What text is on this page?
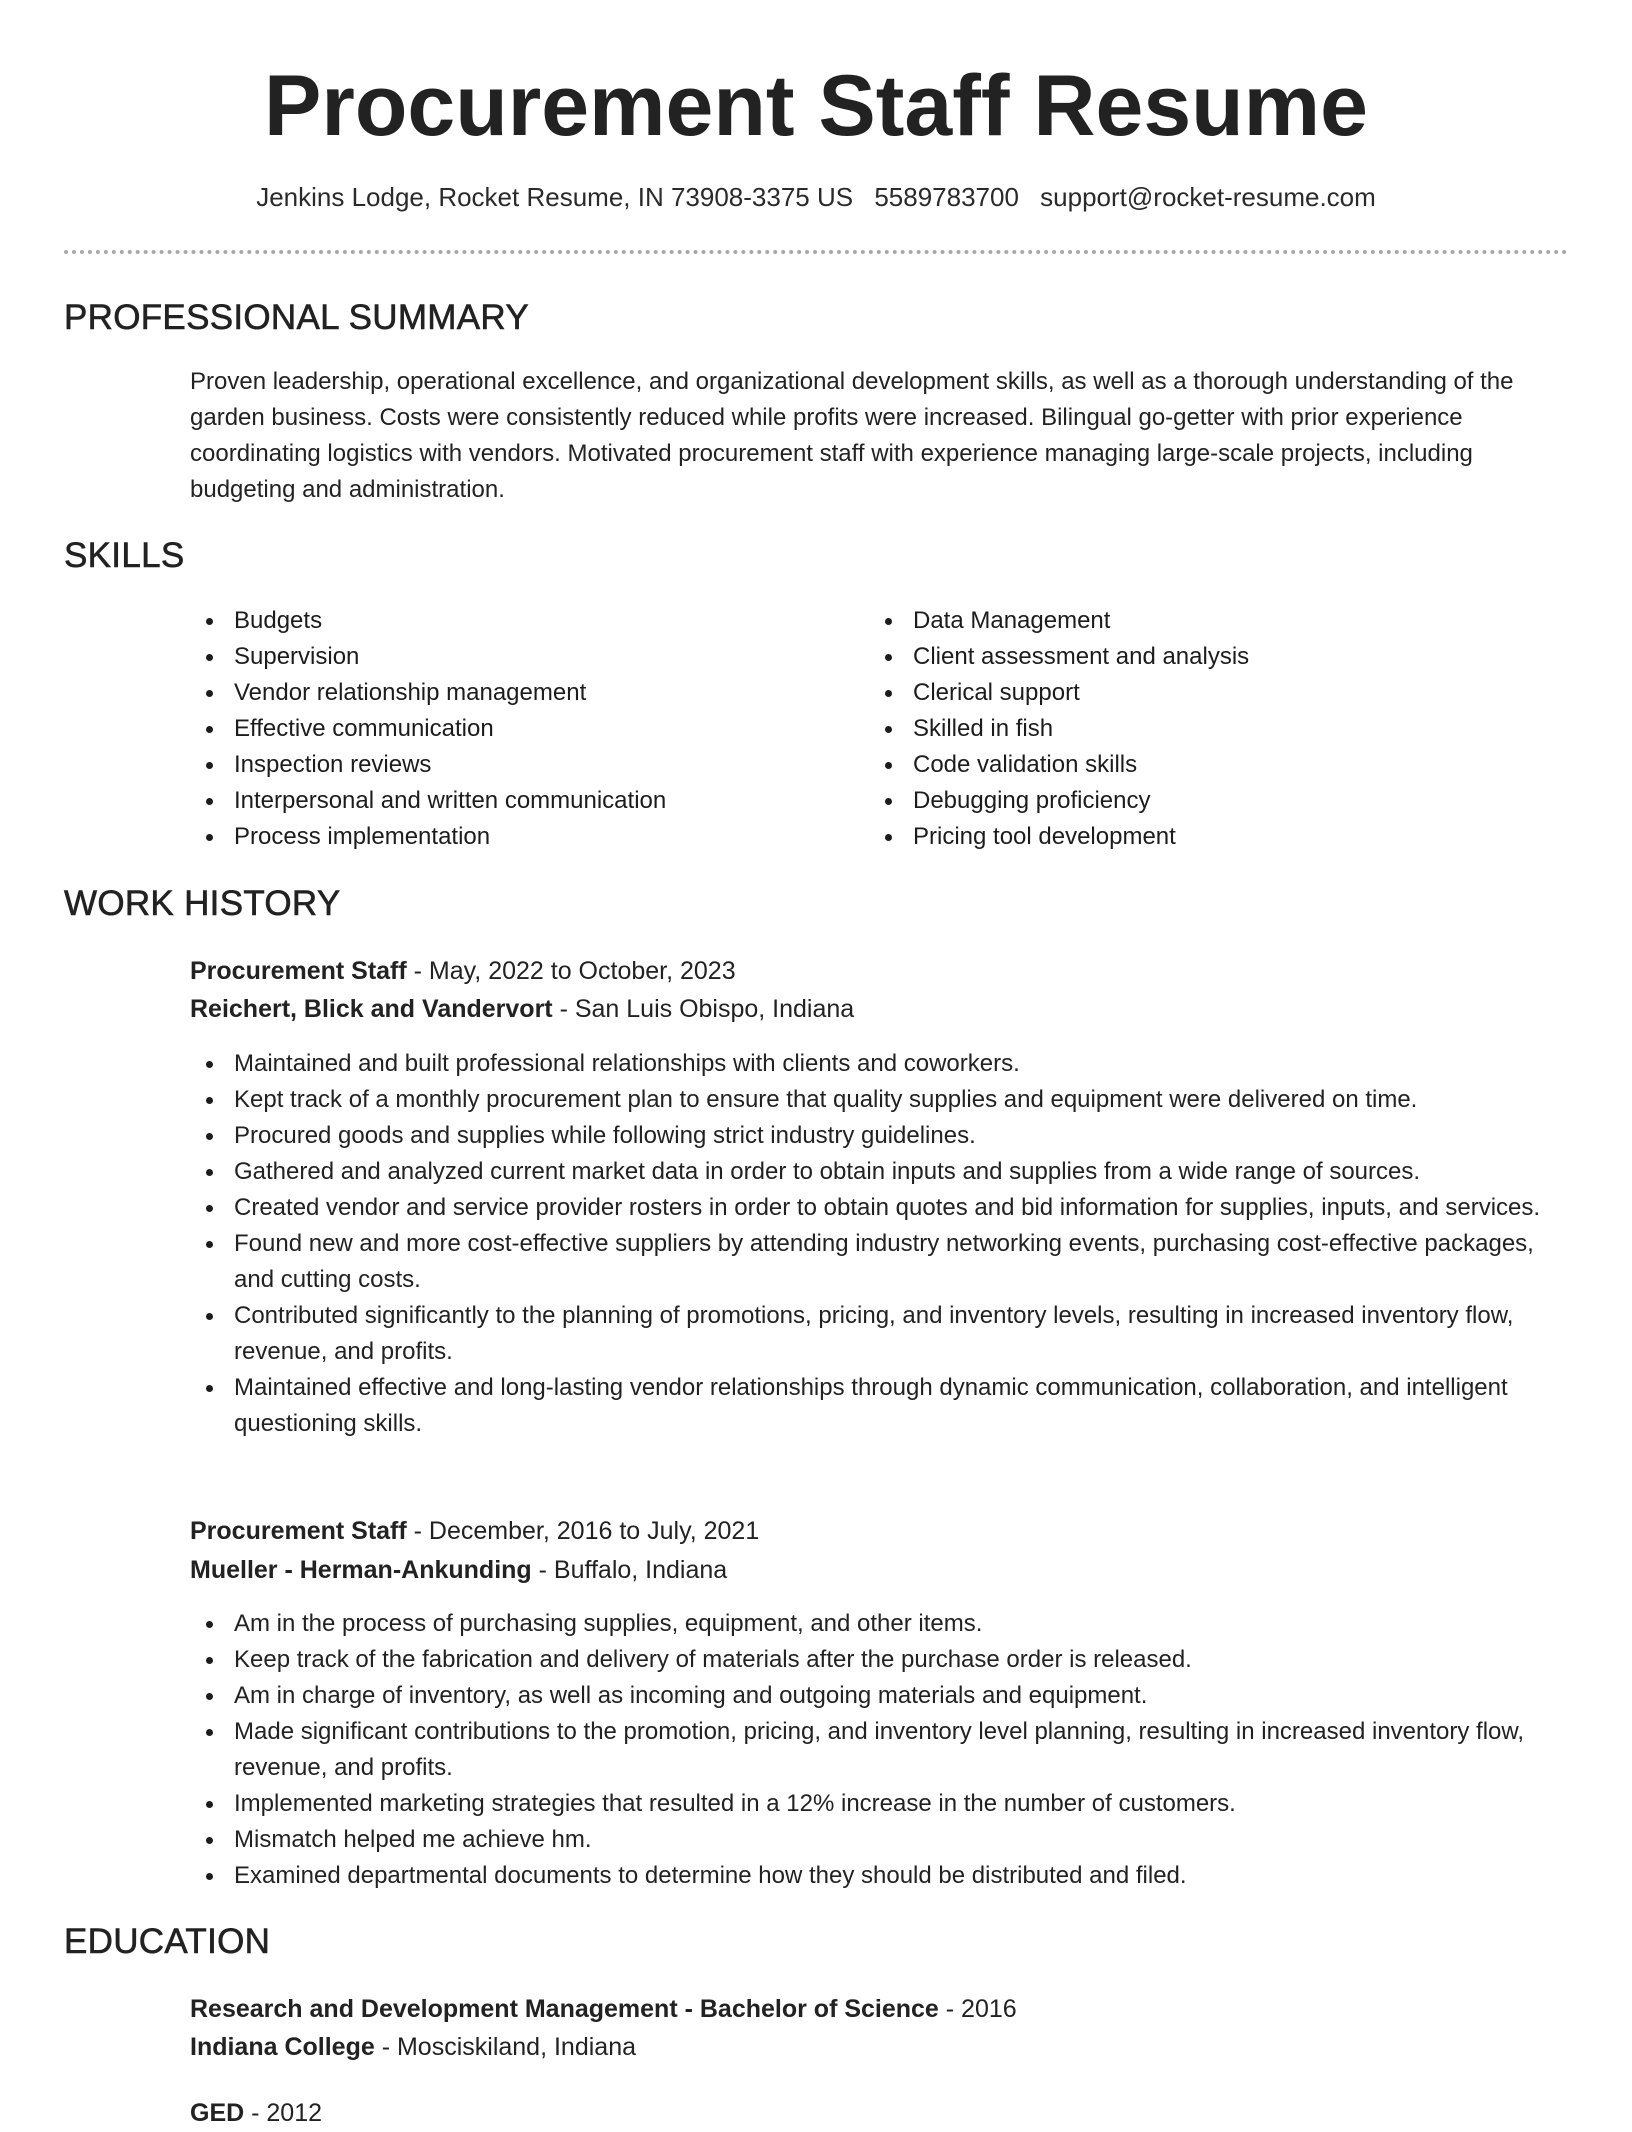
Procurement Staff Resume
Jenkins Lodge, Rocket Resume, IN 73908-3375 US 5589783700 support@rocket-resume.com
PROFESSIONAL SUMMARY
Proven leadership, operational excellence, and organizational development skills, as well as a thorough understanding of the garden business. Costs were consistently reduced while profits were increased. Bilingual go-getter with prior experience coordinating logistics with vendors. Motivated procurement staff with experience managing large-scale projects, including budgeting and administration.
SKILLS
Budgets
Supervision
Vendor relationship management
Effective communication
Inspection reviews
Interpersonal and written communication
Process implementation
Data Management
Client assessment and analysis
Clerical support
Skilled in fish
Code validation skills
Debugging proficiency
Pricing tool development
WORK HISTORY
Procurement Staff - May, 2022 to October, 2023
Reichert, Blick and Vandervort - San Luis Obispo, Indiana
Maintained and built professional relationships with clients and coworkers.
Kept track of a monthly procurement plan to ensure that quality supplies and equipment were delivered on time.
Procured goods and supplies while following strict industry guidelines.
Gathered and analyzed current market data in order to obtain inputs and supplies from a wide range of sources.
Created vendor and service provider rosters in order to obtain quotes and bid information for supplies, inputs, and services.
Found new and more cost-effective suppliers by attending industry networking events, purchasing cost-effective packages, and cutting costs.
Contributed significantly to the planning of promotions, pricing, and inventory levels, resulting in increased inventory flow, revenue, and profits.
Maintained effective and long-lasting vendor relationships through dynamic communication, collaboration, and intelligent questioning skills.
Procurement Staff - December, 2016 to July, 2021
Mueller - Herman-Ankunding - Buffalo, Indiana
Am in the process of purchasing supplies, equipment, and other items.
Keep track of the fabrication and delivery of materials after the purchase order is released.
Am in charge of inventory, as well as incoming and outgoing materials and equipment.
Made significant contributions to the promotion, pricing, and inventory level planning, resulting in increased inventory flow, revenue, and profits.
Implemented marketing strategies that resulted in a 12% increase in the number of customers.
Mismatch helped me achieve hm.
Examined departmental documents to determine how they should be distributed and filed.
EDUCATION
Research and Development Management - Bachelor of Science - 2016
Indiana College - Mosciskiland, Indiana
GED - 2012
